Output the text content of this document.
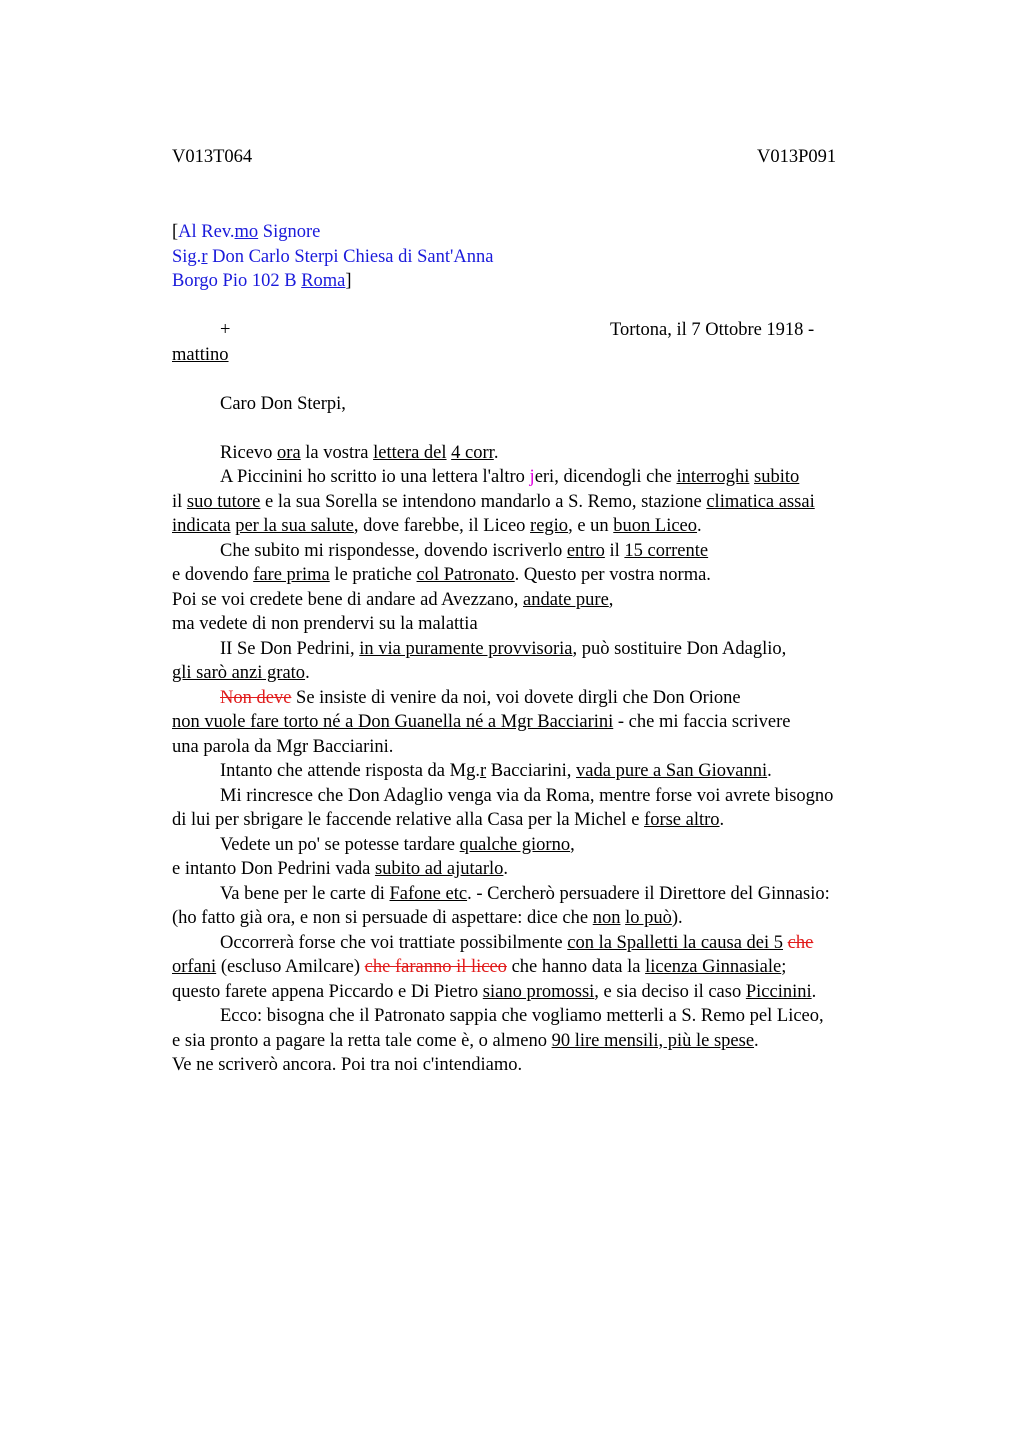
V013T064	V013P091
[Al Rev.mo Signore
Sig.r Don Carlo Sterpi Chiesa di Sant'Anna
Borgo Pio 102 B Roma]
+	Tortona, il 7 Ottobre 1918 -
mattino
Caro Don Sterpi,
Ricevo ora la vostra lettera del 4 corr.
A Piccinini ho scritto io una lettera l'altro jeri, dicendogli che interroghi subito
il suo tutore e la sua Sorella se intendono mandarlo a S. Remo, stazione climatica assai
indicata per la sua salute, dove farebbe, il Liceo regio, e un buon Liceo.
Che subito mi rispondesse, dovendo iscriverlo entro il 15 corrente
e dovendo fare prima le pratiche col Patronato. Questo per vostra norma.
Poi se voi credete bene di andare ad Avezzano, andate pure,
ma vedete di non prendervi su la malattia
II Se Don Pedrini, in via puramente provvisoria, può sostituire Don Adaglio,
gli sarò anzi grato.
Non deve Se insiste di venire da noi, voi dovete dirgli che Don Orione
non vuole fare torto né a Don Guanella né a Mgr Bacciarini - che mi faccia scrivere
una parola da Mgr Bacciarini.
Intanto che attende risposta da Mg.r Bacciarini, vada pure a San Giovanni.
Mi rincresce che Don Adaglio venga via da Roma, mentre forse voi avrete bisogno
di lui per sbrigare le faccende relative alla Casa per la Michel e forse altro.
Vedete un po' se potesse tardare qualche giorno,
e intanto Don Pedrini vada subito ad ajutarlo.
Va bene per le carte di Fafone etc. - Cercherò persuadere il Direttore del Ginnasio:
(ho fatto già ora, e non si persuade di aspettare: dice che non lo può).
Occorrerà forse che voi trattiate possibilmente con la Spalletti la causa dei 5 che
orfani (escluso Amilcare) che faranno il liceo che hanno data la licenza Ginnasiale;
questo farete appena Piccardo e Di Pietro siano promossi, e sia deciso il caso Piccinini.
Ecco: bisogna che il Patronato sappia che vogliamo metterli a S. Remo pel Liceo,
e sia pronto a pagare la retta tale come è, o almeno 90 lire mensili, più le spese.
Ve ne scriverò ancora. Poi tra noi c'intendiamo.
